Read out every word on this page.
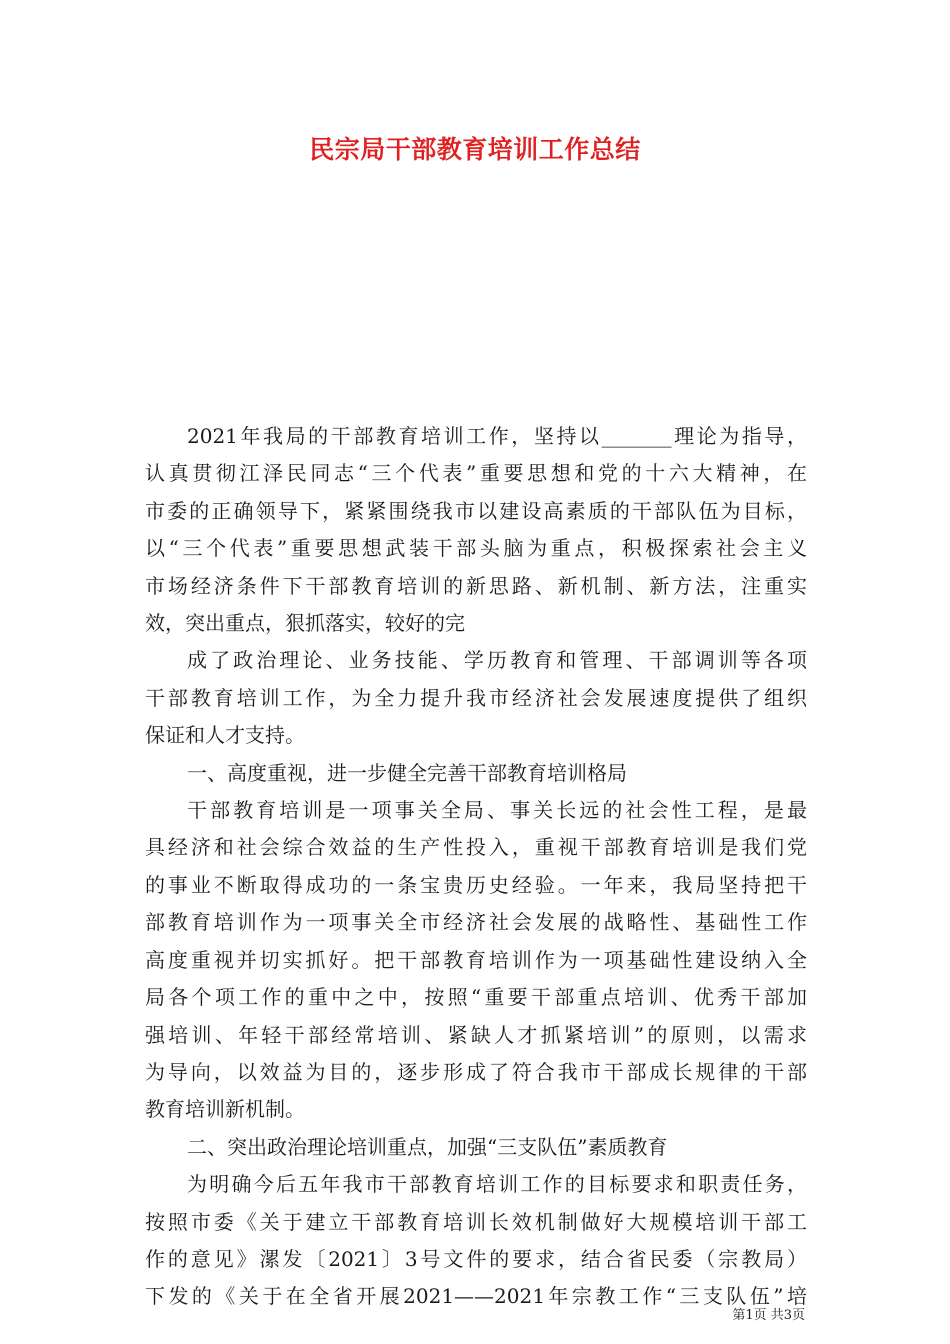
民宗局干部教育培训工作总结

2021年我局的干部教育培训工作，坚持以_______理论为指导，
认真贯彻江泽民同志“三个代表”重要思想和党的十六大精神，在
市委的正确领导下，紧紧围绕我市以建设高素质的干部队伍为目标，
以“三个代表”重要思想武装干部头脑为重点，积极探索社会主义
市场经济条件下干部教育培训的新思路、新机制、新方法，注重实
效，突出重点，狠抓落实，较好的完

成了政治理论、业务技能、学历教育和管理、干部调训等各项
干部教育培训工作，为全力提升我市经济社会发展速度提供了组织
保证和人才支持。

一、高度重视，进一步健全完善干部教育培训格局

干部教育培训是一项事关全局、事关长远的社会性工程，是最
具经济和社会综合效益的生产性投入，重视干部教育培训是我们党
的事业不断取得成功的一条宝贵历史经验。一年来，我局坚持把干
部教育培训作为一项事关全市经济社会发展的战略性、基础性工作
高度重视并切实抓好。把干部教育培训作为一项基础性建设纳入全
局各个项工作的重中之中，按照“重要干部重点培训、优秀干部加
强培训、年轻干部经常培训、紧缺人才抓紧培训”的原则，以需求
为导向，以效益为目的，逐步形成了符合我市干部成长规律的干部
教育培训新机制。

二、突出政治理论培训重点，加强“三支队伍”素质教育

为明确今后五年我市干部教育培训工作的目标要求和职责任务，
按照市委《关于建立干部教育培训长效机制做好大规模培训干部工
作的意见》漯发〔2021〕3号文件的要求，结合省民委（宗教局）
下发的《关于在全省开展2021——2021年宗教工作“三支队伍”培

第1页 共3页
